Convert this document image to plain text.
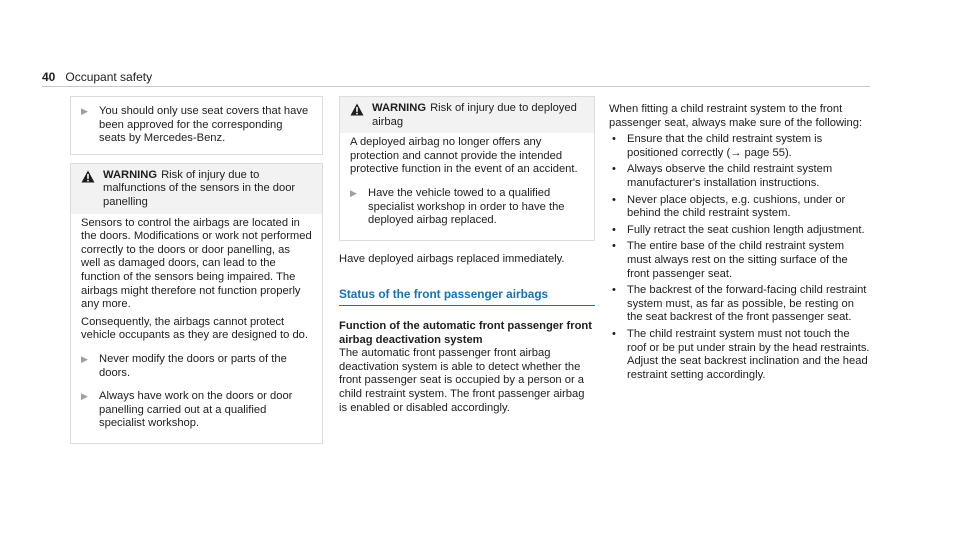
40 Occupant safety
▶ You should only use seat co​vers that have been appro​ved for the cor​responding seats by Mercedes-Benz.

WARNING Risk of injury due to malfunctions of the sensors in the door panelling

Sensors to control the airbags are located in the doors. Modifications or work not performed correctly to the doors or door panelling, as well as damaged doors, can lead to the function of the sensors being impaired. The airbags might therefore not function properly any more.

Consequently, the airbags cannot protect vehicle occupants as they are designed to do.

▶ Never modify the doors or parts of the doors.

▶ Always have work on the doors or door panelling carried out at a qualified specialist workshop.

WARNING Risk of injury due to deployed airbag

A deployed airbag no longer offers any protection and cannot provide the intended protective function in the event of an accident.

▶ Have the vehicle towed to a qualified specialist workshop in order to have the deployed airbag replaced.

Have deployed airbags replaced immediately.

Status of the front passenger airbags

Function of the automatic front passenger front airbag deactivation system

The automatic front passenger front airbag deactivation system is able to detect whether the front passenger seat is occupied by a person or a child restraint system. The front passenger airbag is enabled or disabled accordingly.

When fitting a child restraint system to the front passenger seat, always make sure of the following:

• Ensure that the child restraint system is positioned correctly (→ page 55).
• Always observe the child restraint system manufacturer's installation instructions.
• Never place objects, e.g. cushions, under or behind the child restraint system.
• Fully retract the seat cushion length adjustment.
• The entire base of the child restraint system must always rest on the sitting surface of the front passenger seat.
• The backrest of the forward-facing child restraint system must, as far as possible, be resting on the seat backrest of the front passenger seat.
• The child restraint system must not touch the roof or be put under strain by the head restraints. Adjust the seat backrest inclination and the head restraint setting accordingly.
